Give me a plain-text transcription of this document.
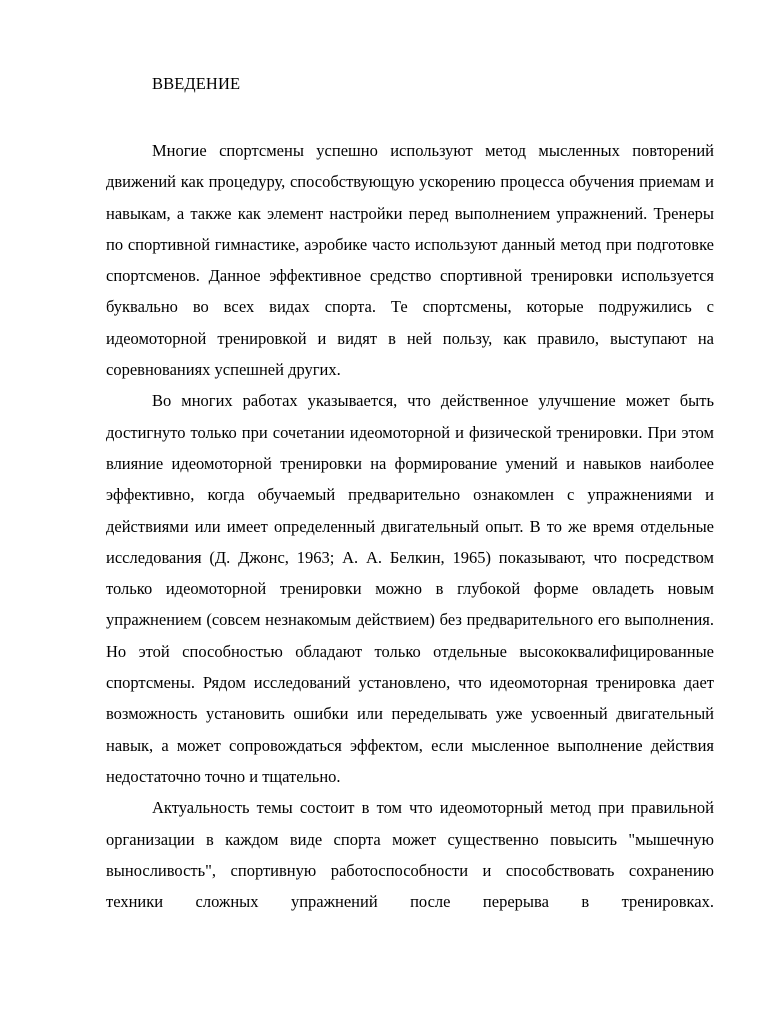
ВВЕДЕНИЕ

Многие спортсмены успешно используют метод мысленных повторений движений как процедуру, способствующую ускорению процесса обучения приемам и навыкам, а также как элемент настройки перед выполнением упражнений. Тренеры по спортивной гимнастике, аэробике часто используют данный метод при подготовке спортсменов. Данное эффективное средство спортивной тренировки используется буквально во всех видах спорта. Те спортсмены, которые подружились с идеомоторной тренировкой и видят в ней пользу, как правило, выступают на соревнованиях успешней других.

Во многих работах указывается, что действенное улучшение может быть достигнуто только при сочетании идеомоторной и физической тренировки. При этом влияние идеомоторной тренировки на формирование умений и навыков наиболее эффективно, когда обучаемый предварительно ознакомлен с упражнениями и действиями или имеет определенный двигательный опыт. В то же время отдельные исследования (Д. Джонс, 1963; А. А. Белкин, 1965) показывают, что посредством только идеомоторной тренировки можно в глубокой форме овладеть новым упражнением (совсем незнакомым действием) без предварительного его выполнения. Но этой способностью обладают только отдельные высококвалифицированные спортсмены. Рядом исследований установлено, что идеомоторная тренировка дает возможность установить ошибки или переделывать уже усвоенный двигательный навык, а может сопровождаться эффектом, если мысленное выполнение действия недостаточно точно и тщательно.

Актуальность темы состоит в том что идеомоторный метод при правильной организации в каждом виде спорта может существенно повысить "мышечную выносливость", спортивную работоспособности и способствовать сохранению техники сложных упражнений после перерыва в тренировках.
